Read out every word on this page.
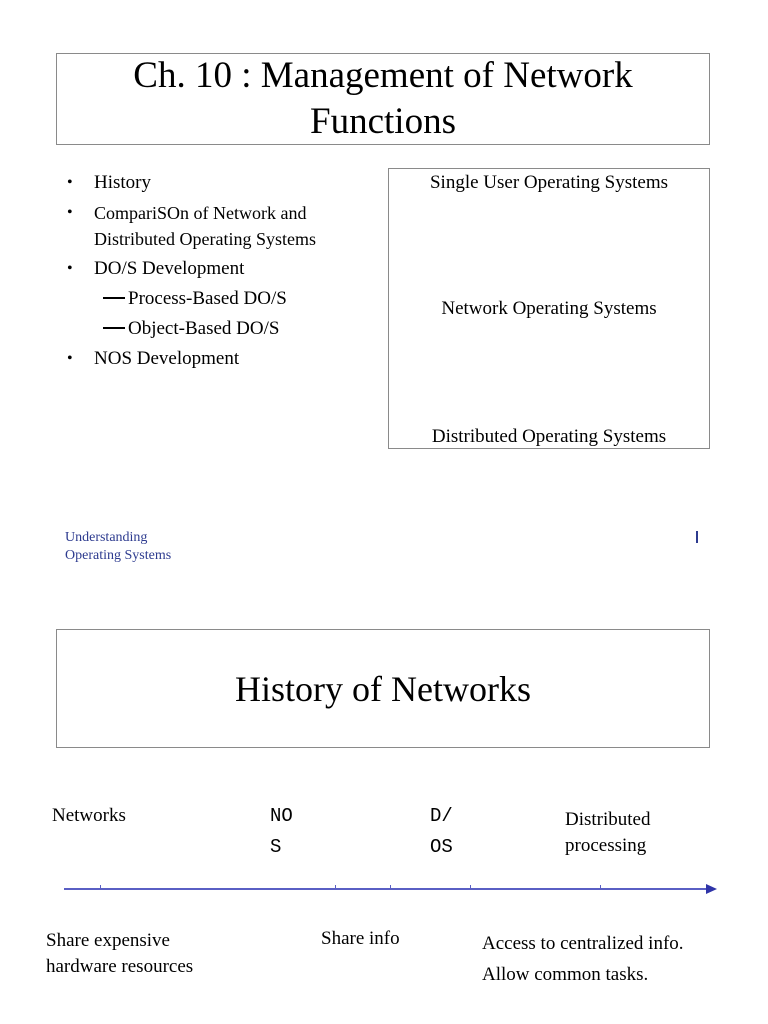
Ch. 10 : Management of Network Functions
• History
• CompariSOn of Network and Distributed Operating Systems
• DO/S Development
Process-Based DO/S
Object-Based DO/S
• NOS Development
Single User Operating Systems
Network Operating Systems
Distributed Operating Systems
Understanding
Operating Systems
History of Networks
Networks	NO
S
D/
OS
Distributed
processing
Share expensive
hardware resources
Share info	Access to centralized info.
Allow common tasks.
